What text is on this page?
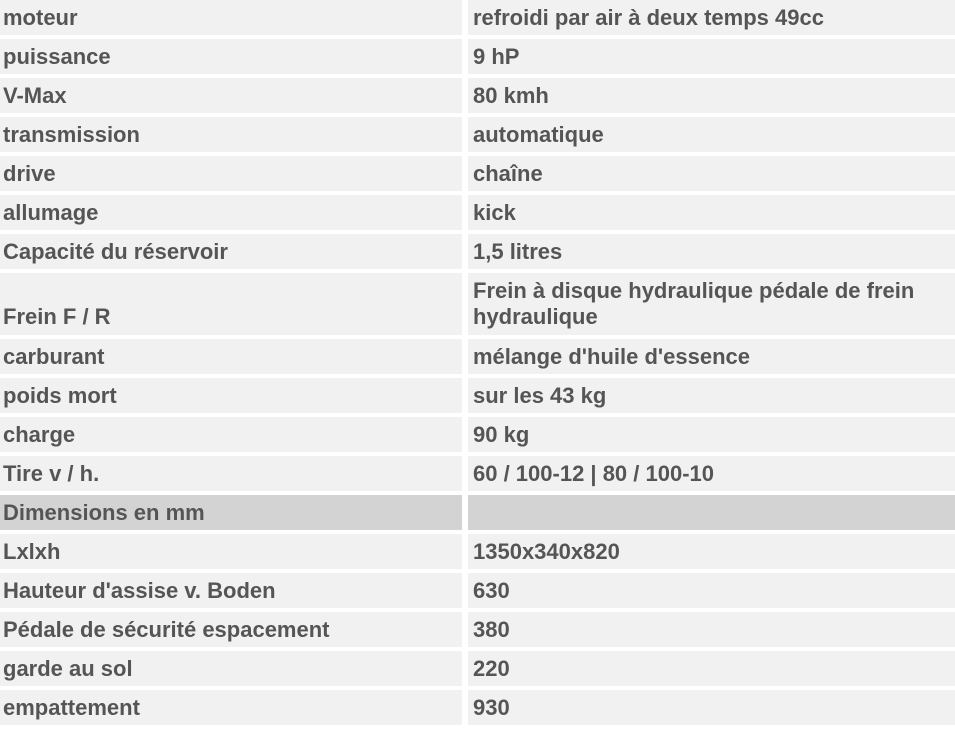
moteur	refroidi par air à deux temps 49cc
puissance	9 hP
V-Max	80 kmh
transmission	automatique
drive	chaîne
allumage	kick
Capacité du réservoir	1,5 litres
Frein F / R	Frein à disque hydraulique pédale de frein hydraulique
carburant	mélange d'huile d'essence
poids mort	sur les 43 kg
charge	90 kg
Tire v / h.	60 / 100-12 | 80 / 100-10
Dimensions en mm	
Lxlxh	1350x340x820
Hauteur d'assise v. Boden	630
Pédale de sécurité espacement	380
garde au sol	220
empattement	930
